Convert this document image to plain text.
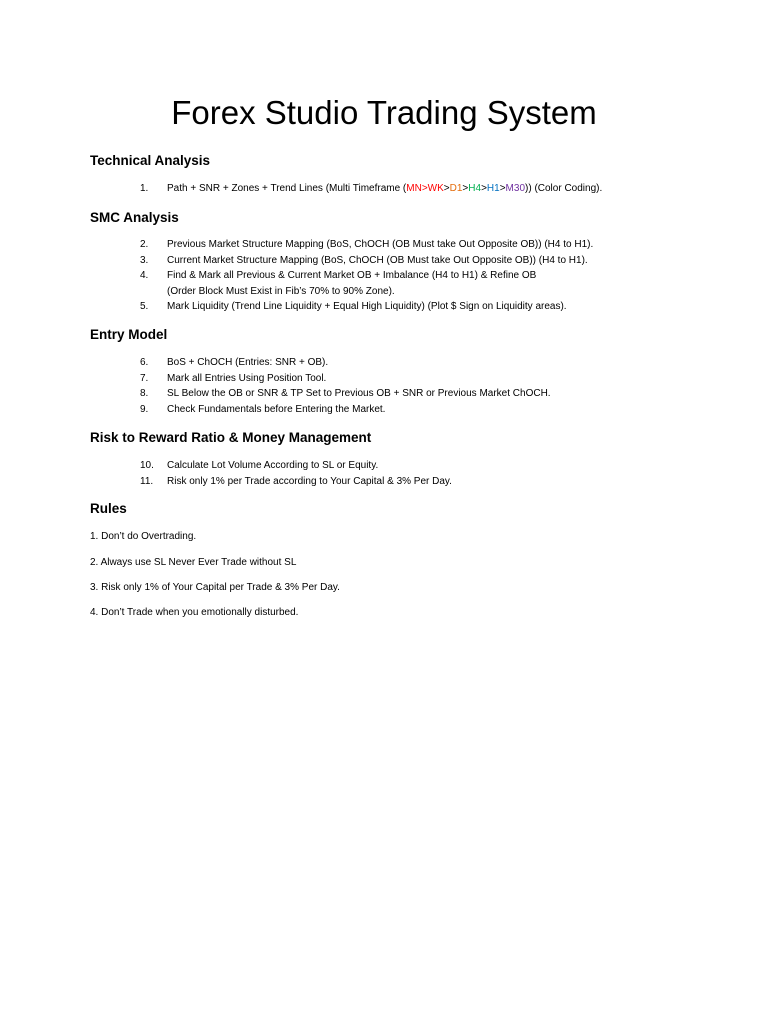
Forex Studio Trading System
Technical Analysis
1.	Path + SNR + Zones + Trend Lines (Multi Timeframe (MN>WK>D1>H4>H1>M30)) (Color Coding).
SMC Analysis
2.	Previous Market Structure Mapping (BoS, ChOCH (OB Must take Out Opposite OB)) (H4 to H1).
3.	Current Market Structure Mapping (BoS, ChOCH (OB Must take Out Opposite OB)) (H4 to H1).
4.	Find & Mark all Previous & Current Market OB + Imbalance (H4 to H1) & Refine OB
(Order Block Must Exist in Fib’s 70% to 90% Zone).
5.	Mark Liquidity (Trend Line Liquidity + Equal High Liquidity) (Plot $ Sign on Liquidity areas).
Entry Model
6.	BoS + ChOCH (Entries: SNR + OB).
7.	Mark all Entries Using Position Tool.
8.	SL Below the OB or SNR & TP Set to Previous OB + SNR or Previous Market ChOCH.
9.	Check Fundamentals before Entering the Market.
Risk to Reward Ratio & Money Management
10.	Calculate Lot Volume According to SL or Equity.
11.	Risk only 1% per Trade according to Your Capital & 3% Per Day.
Rules

1. Don’t do Overtrading.

2. Always use SL Never Ever Trade without SL

3. Risk only 1% of Your Capital per Trade & 3% Per Day.

4. Don’t Trade when you emotionally disturbed.
